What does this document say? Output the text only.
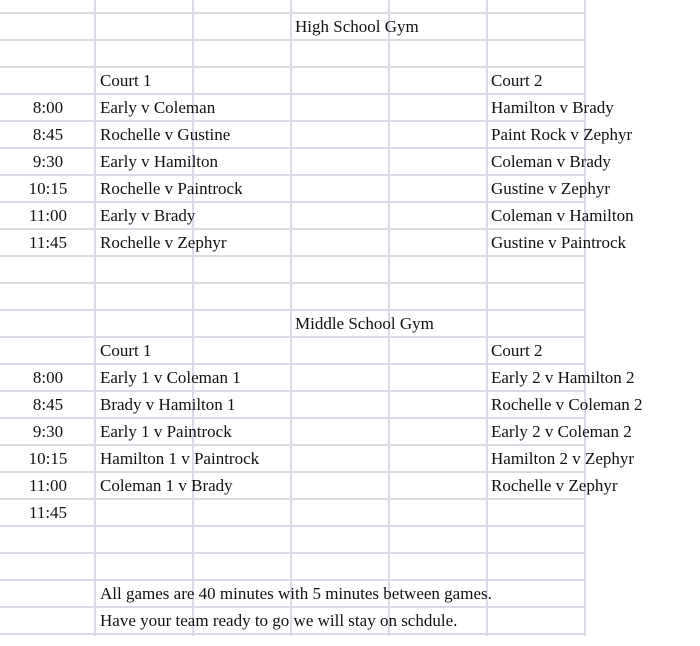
High School Gym
Court 1	Court 2
8:00	Early v Coleman	Hamilton v Brady
8:45	Rochelle v Gustine	Paint Rock v Zephyr
9:30	Early v Hamilton	Coleman v Brady
10:15	Rochelle v Paintrock	Gustine v Zephyr
11:00	Early v Brady	Coleman v Hamilton
11:45	Rochelle v Zephyr	Gustine v Paintrock
Middle School Gym
Court 1	Court 2
8:00	Early 1 v Coleman 1	Early 2 v Hamilton 2
8:45	Brady v Hamilton 1	Rochelle v Coleman 2
9:30	Early 1 v Paintrock	Early 2 v Coleman 2
10:15	Hamilton 1 v Paintrock	Hamilton 2 v Zephyr
11:00	Coleman 1 v Brady	Rochelle v Zephyr
11:45
All games are 40 minutes with 5 minutes between games.
Have your team ready to go we will stay on schdule.
